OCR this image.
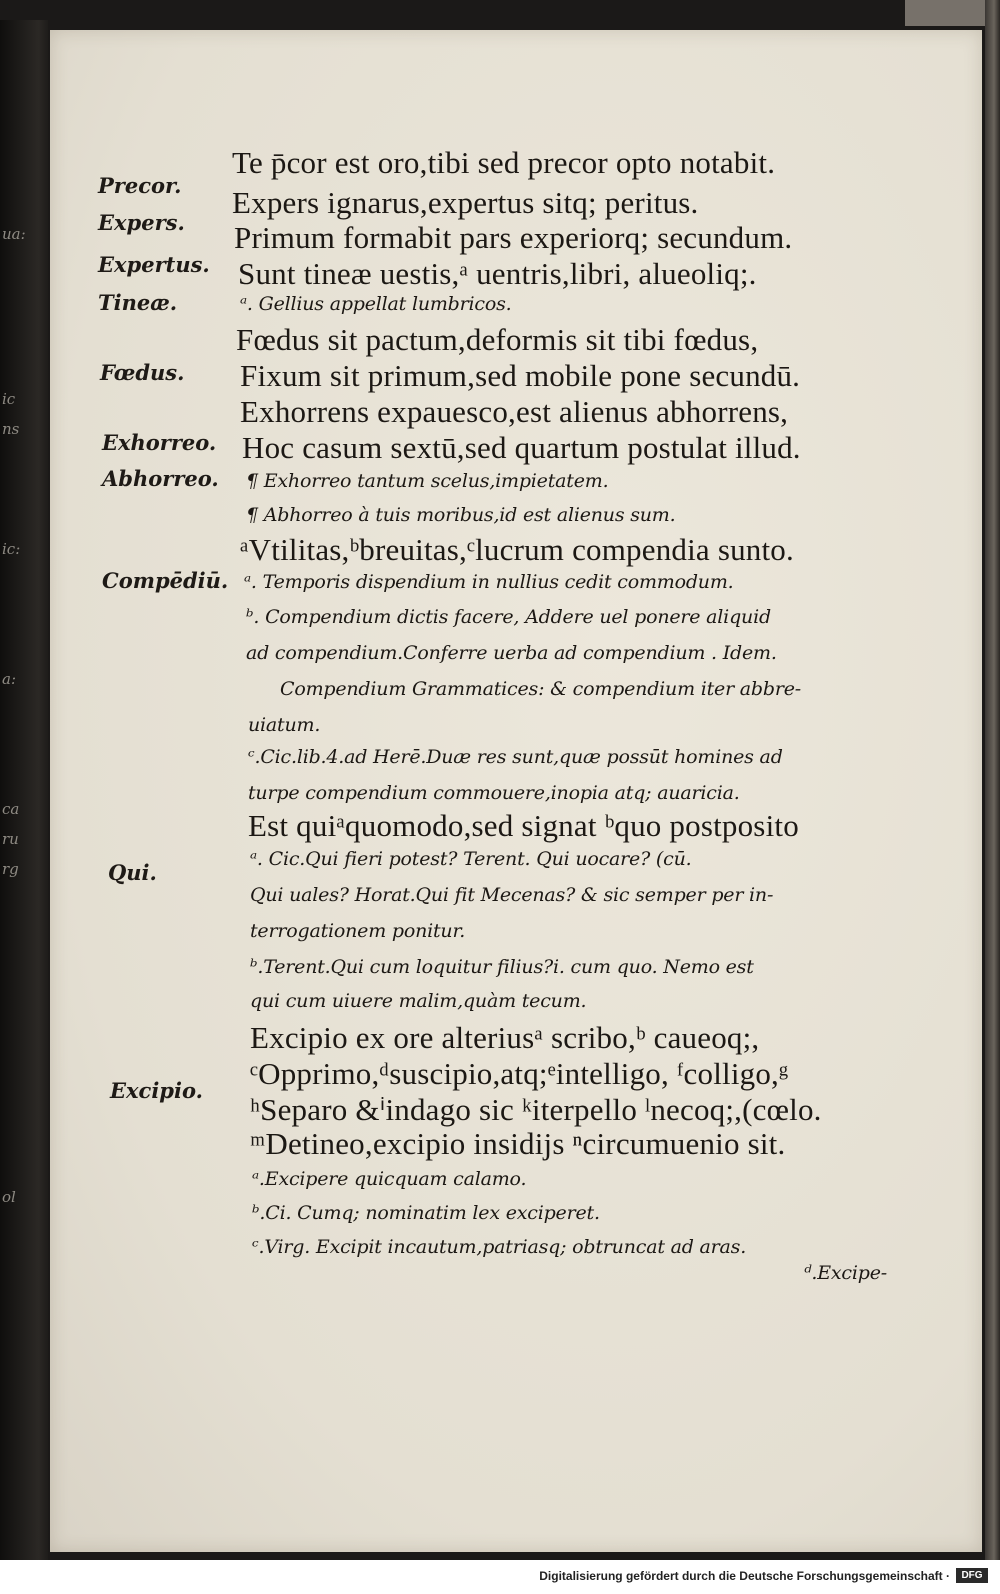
ua:
ic
ns
ic:
a:
ca
ru
rg
ol
Precor.
Expers.
Expertus.
Tineæ.
Fœdus.
Exhorreo.
Abhorreo.
Compēdiū.
Qui.
Excipio.
Te p̄cor est oro,tibi sed precor opto notabit.
Expers ignarus,expertus sitq; peritus.
Primum formabit pars experiorq; secundum.
Sunt tineæ uestis,ᵃ uentris,libri, alueoliq;.
ᵃ. Gellius appellat lumbricos.
Fœdus sit pactum,deformis sit tibi fœdus,
Fixum sit primum,sed mobile pone secundū.
Exhorrens expauesco,est alienus abhorrens,
Hoc casum sextū,sed quartum postulat illud.
¶ Exhorreo tantum scelus,impietatem.
¶ Abhorreo à tuis moribus,id est alienus sum.
ᵃVtilitas,ᵇbreuitas,ᶜlucrum compendia sunto.
ᵃ. Temporis dispendium in nullius cedit commodum.
ᵇ. Compendium dictis facere, Addere uel ponere aliquid
ad compendium.Conferre uerba ad compendium . Idem.
Compendium Grammatices: & compendium iter abbre-
uiatum.
ᶜ.Cic.lib.4.ad Herē.Duæ res sunt,quæ possūt homines ad
turpe compendium commouere,inopia atq; auaricia.
Est quiᵃquomodo,sed signat ᵇquo postposito
ᵃ. Cic.Qui fieri potest? Terent. Qui uocare? (cū.
Qui uales? Horat.Qui fit Mecenas? & sic semper per in-
terrogationem ponitur.
ᵇ.Terent.Qui cum loquitur filius?i. cum quo. Nemo est
qui cum uiuere malim,quàm tecum.
Excipio ex ore alteriusᵃ scribo,ᵇ caueoq;,
ᶜOpprimo,ᵈsuscipio,atq;ᵉintelligo, ᶠcolligo,ᵍ
ʰSeparo &ⁱindago sic ᵏiterpello ˡnecoq;,(cœlo.
ᵐDetineo,excipio insidijs ⁿcircumuenio sit.
ᵃ.Excipere quicquam calamo.
ᵇ.Ci. Cumq; nominatim lex exciperet.
ᶜ.Virg. Excipit incautum,patriasq; obtruncat ad aras.
ᵈ.Excipe-
Digitalisierung gefördert durch die Deutsche Forschungsgemeinschaft ·	DFG
